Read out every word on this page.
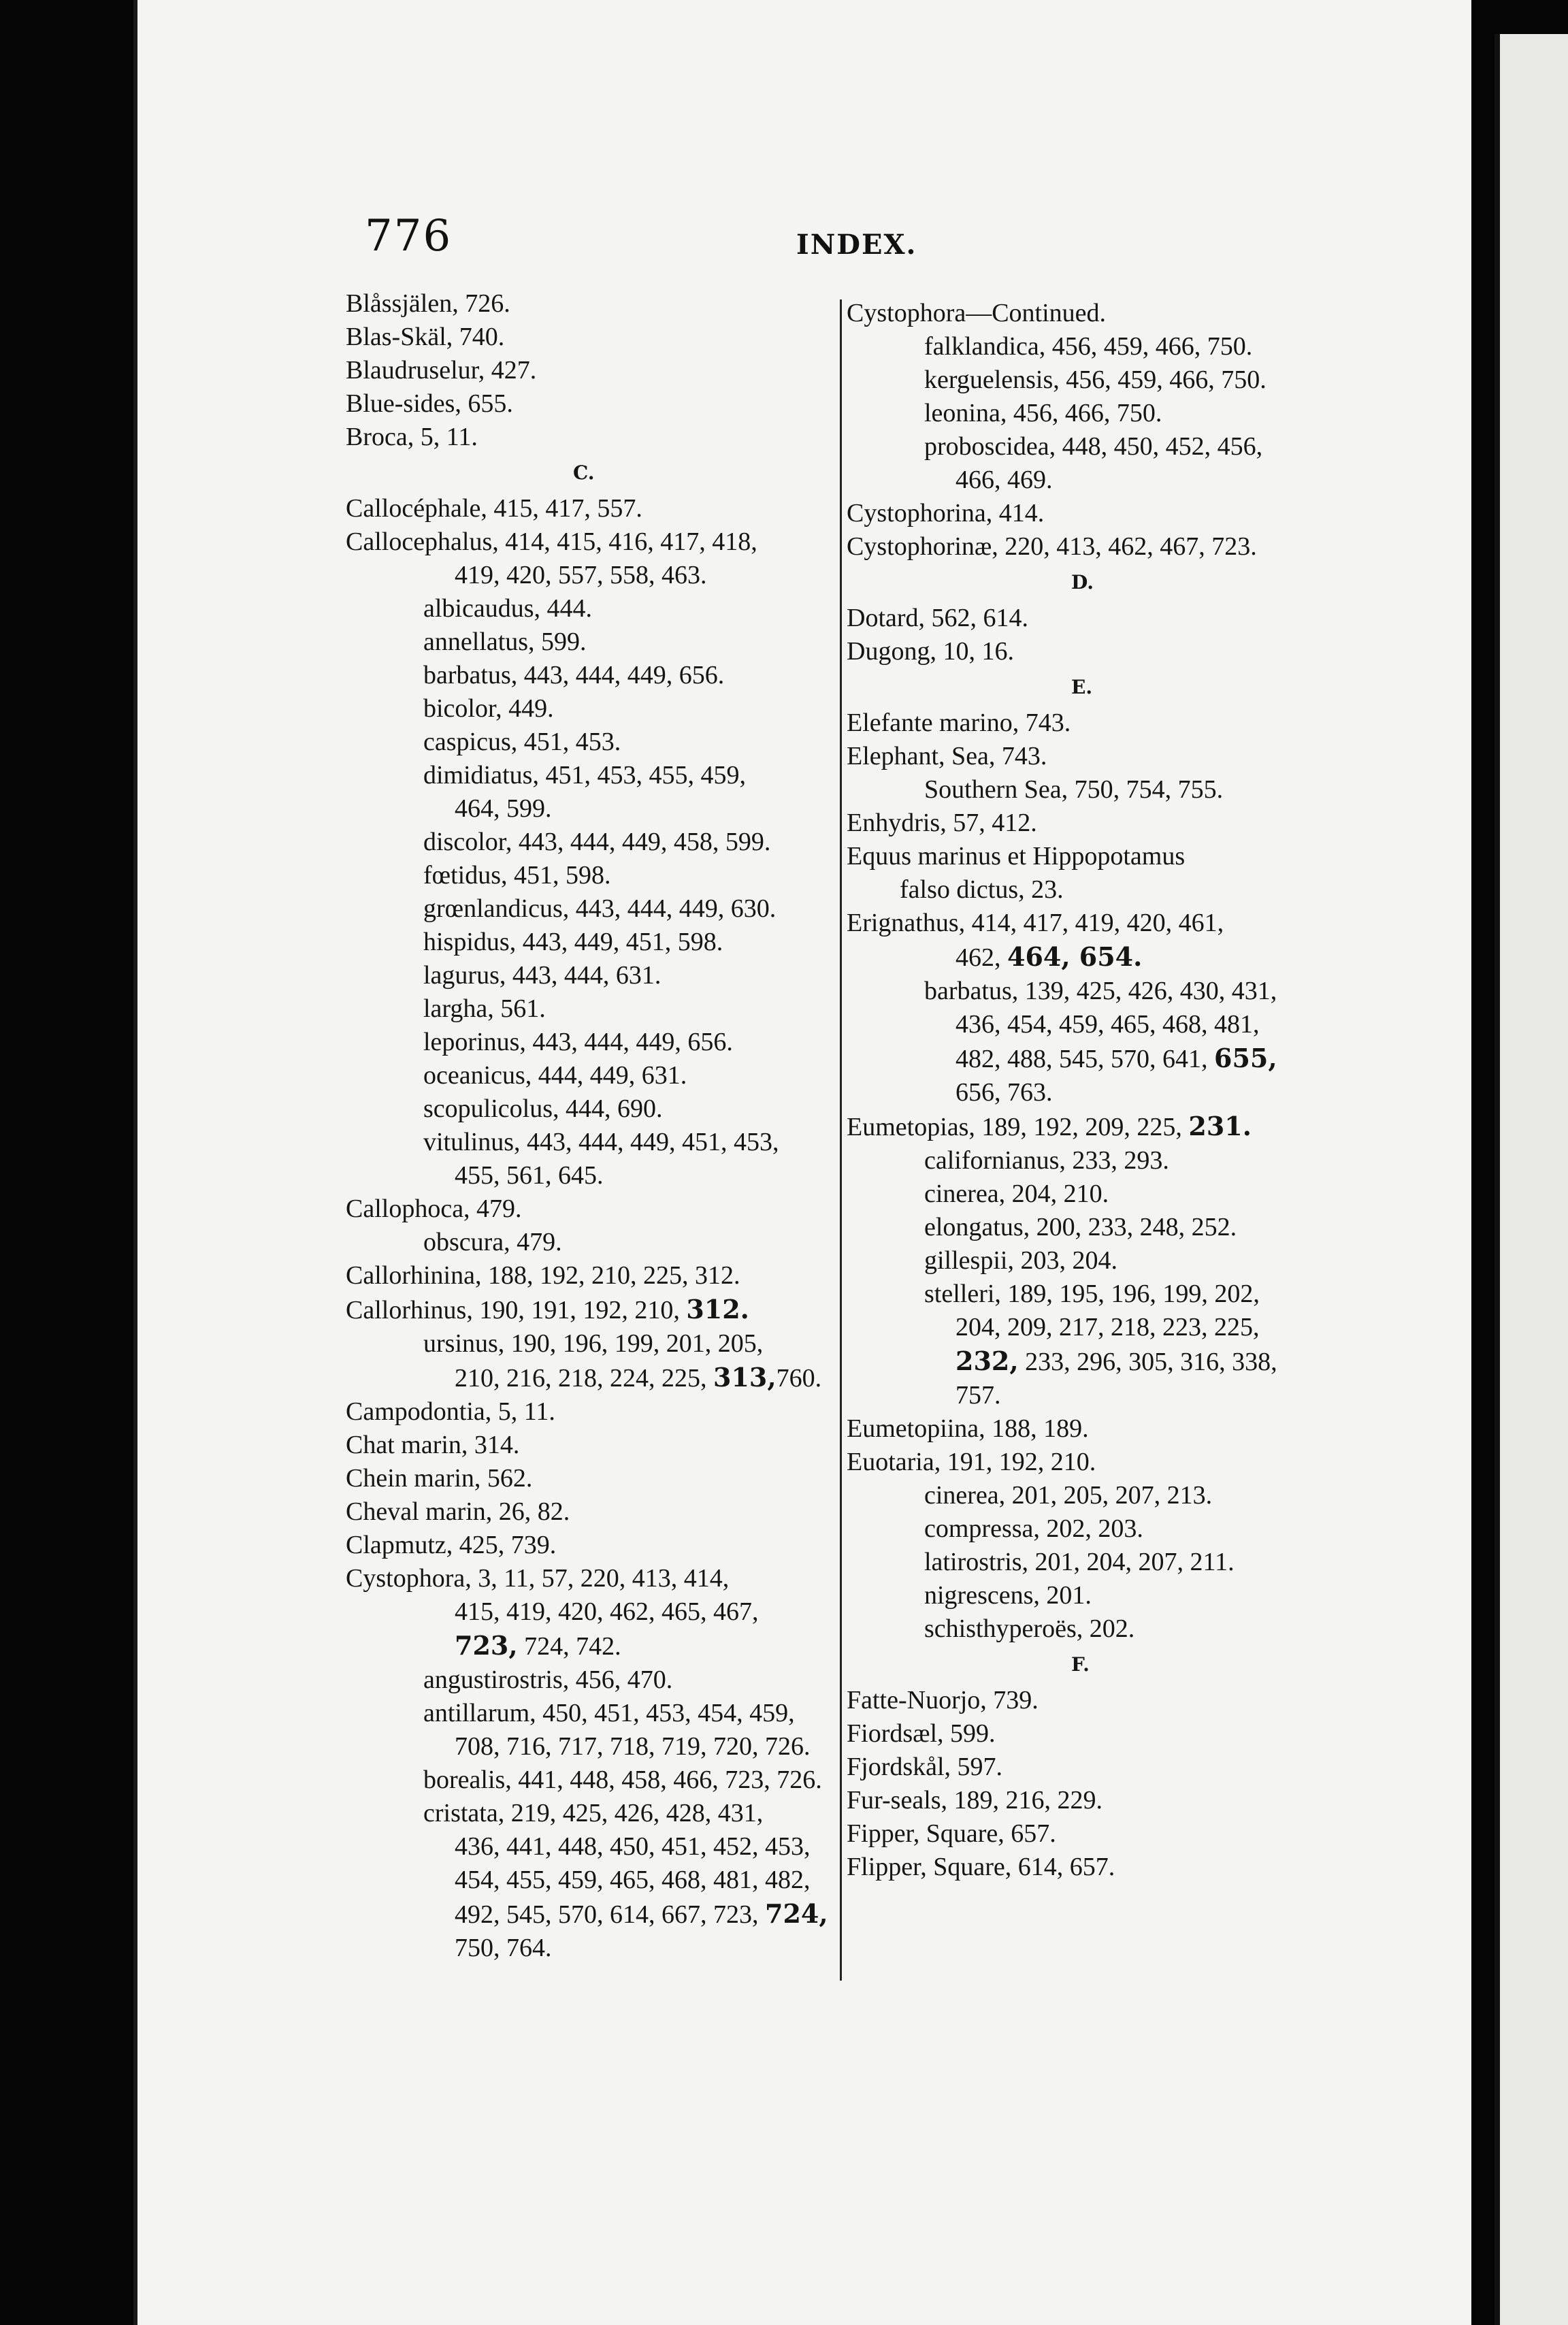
776	INDEX.
Blåssjälen, 726.
Blas-Skäl, 740.
Blaudruselur, 427.
Blue-sides, 655.
Broca, 5, 11.
C.
Callocéphale, 415, 417, 557.
Callocephalus, 414, 415, 416, 417, 418,
419, 420, 557, 558, 463.
albicaudus, 444.
annellatus, 599.
barbatus, 443, 444, 449, 656.
bicolor, 449.
caspicus, 451, 453.
dimidiatus, 451, 453, 455, 459,
464, 599.
discolor, 443, 444, 449, 458, 599.
fœtidus, 451, 598.
grœnlandicus, 443, 444, 449, 630.
hispidus, 443, 449, 451, 598.
lagurus, 443, 444, 631.
largha, 561.
leporinus, 443, 444, 449, 656.
oceanicus, 444, 449, 631.
scopulicolus, 444, 690.
vitulinus, 443, 444, 449, 451, 453,
455, 561, 645.
Callophoca, 479.
obscura, 479.
Callorhinina, 188, 192, 210, 225, 312.
Callorhinus, 190, 191, 192, 210, 312.
ursinus, 190, 196, 199, 201, 205,
210, 216, 218, 224, 225, 313,760.
Campodontia, 5, 11.
Chat marin, 314.
Chein marin, 562.
Cheval marin, 26, 82.
Clapmutz, 425, 739.
Cystophora, 3, 11, 57, 220, 413, 414,
415, 419, 420, 462, 465, 467,
723, 724, 742.
angustirostris, 456, 470.
antillarum, 450, 451, 453, 454, 459,
708, 716, 717, 718, 719, 720, 726.
borealis, 441, 448, 458, 466, 723, 726.
cristata, 219, 425, 426, 428, 431,
436, 441, 448, 450, 451, 452, 453,
454, 455, 459, 465, 468, 481, 482,
492, 545, 570, 614, 667, 723, 724,
750, 764.
Cystophora—Continued.
falklandica, 456, 459, 466, 750.
kerguelensis, 456, 459, 466, 750.
leonina, 456, 466, 750.
proboscidea, 448, 450, 452, 456,
466, 469.
Cystophorina, 414.
Cystophorinæ, 220, 413, 462, 467, 723.
D.
Dotard, 562, 614.
Dugong, 10, 16.
E.
Elefante marino, 743.
Elephant, Sea, 743.
Southern Sea, 750, 754, 755.
Enhydris, 57, 412.
Equus marinus et Hippopotamus
falso dictus, 23.
Erignathus, 414, 417, 419, 420, 461,
462, 464, 654.
barbatus, 139, 425, 426, 430, 431,
436, 454, 459, 465, 468, 481,
482, 488, 545, 570, 641, 655,
656, 763.
Eumetopias, 189, 192, 209, 225, 231.
californianus, 233, 293.
cinerea, 204, 210.
elongatus, 200, 233, 248, 252.
gillespii, 203, 204.
stelleri, 189, 195, 196, 199, 202,
204, 209, 217, 218, 223, 225,
232, 233, 296, 305, 316, 338,
757.
Eumetopiina, 188, 189.
Euotaria, 191, 192, 210.
cinerea, 201, 205, 207, 213.
compressa, 202, 203.
latirostris, 201, 204, 207, 211.
nigrescens, 201.
schisthyperoës, 202.
F.
Fatte-Nuorjo, 739.
Fiordsæl, 599.
Fjordskål, 597.
Fur-seals, 189, 216, 229.
Fipper, Square, 657.
Flipper, Square, 614, 657.
